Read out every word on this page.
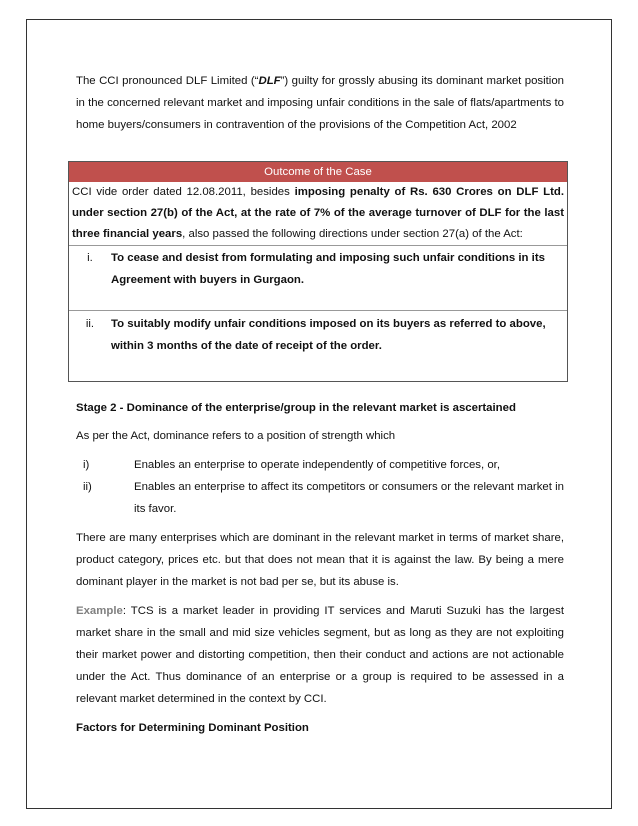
The CCI pronounced DLF Limited (“DLF”) guilty for grossly abusing its dominant market position in the concerned relevant market and imposing unfair conditions in the sale of flats/apartments to home buyers/consumers in contravention of the provisions of the Competition Act, 2002

Outcome of the Case
CCI vide order dated 12.08.2011, besides imposing penalty of Rs. 630 Crores on DLF Ltd. under section 27(b) of the Act, at the rate of 7% of the average turnover of DLF for the last three financial years, also passed the following directions under section 27(a) of the Act:
i.	To cease and desist from formulating and imposing such unfair conditions in its Agreement with buyers in Gurgaon.
ii.	To suitably modify unfair conditions imposed on its buyers as referred to above, within 3 months of the date of receipt of the order.

Stage 2 - Dominance of the enterprise/group in the relevant market is ascertained

As per the Act, dominance refers to a position of strength which

i)	Enables an enterprise to operate independently of competitive forces, or,
ii)	Enables an enterprise to affect its competitors or consumers or the relevant market in its favor.

There are many enterprises which are dominant in the relevant market in terms of market share, product category, prices etc. but that does not mean that it is against the law. By being a mere dominant player in the market is not bad per se, but its abuse is.

Example: TCS is a market leader in providing IT services and Maruti Suzuki has the largest market share in the small and mid size vehicles segment, but as long as they are not exploiting their market power and distorting competition, then their conduct and actions are not actionable under the Act. Thus dominance of an enterprise or a group is required to be assessed in a relevant market determined in the context by CCI.

Factors for Determining Dominant Position
